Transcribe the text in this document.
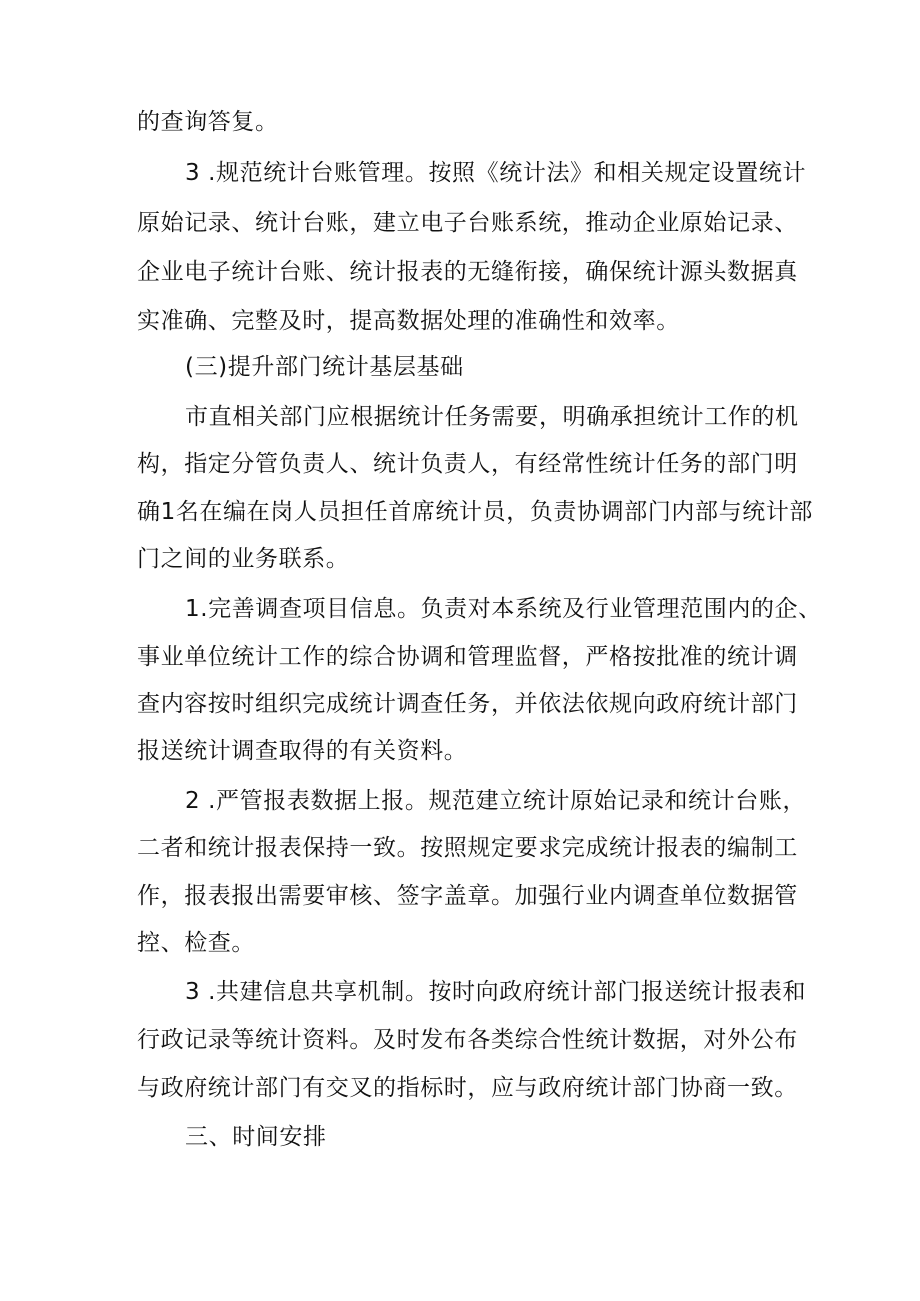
的查询答复。
3 .规范统计台账管理。按照《统计法》和相关规定设置统计
原始记录、统计台账，建立电子台账系统，推动企业原始记录、
企业电子统计台账、统计报表的无缝衔接，确保统计源头数据真
实准确、完整及时，提高数据处理的准确性和效率。
(三)提升部门统计基层基础
市直相关部门应根据统计任务需要，明确承担统计工作的机
构，指定分管负责人、统计负责人，有经常性统计任务的部门明
确1名在编在岗人员担任首席统计员，负责协调部门内部与统计部
门之间的业务联系。
1.完善调查项目信息。负责对本系统及行业管理范围内的企、
事业单位统计工作的综合协调和管理监督，严格按批准的统计调
查内容按时组织完成统计调查任务，并依法依规向政府统计部门
报送统计调查取得的有关资料。
2 .严管报表数据上报。规范建立统计原始记录和统计台账，
二者和统计报表保持一致。按照规定要求完成统计报表的编制工
作，报表报出需要审核、签字盖章。加强行业内调查单位数据管
控、检查。
3 .共建信息共享机制。按时向政府统计部门报送统计报表和
行政记录等统计资料。及时发布各类综合性统计数据，对外公布
与政府统计部门有交叉的指标时，应与政府统计部门协商一致。
三、时间安排
